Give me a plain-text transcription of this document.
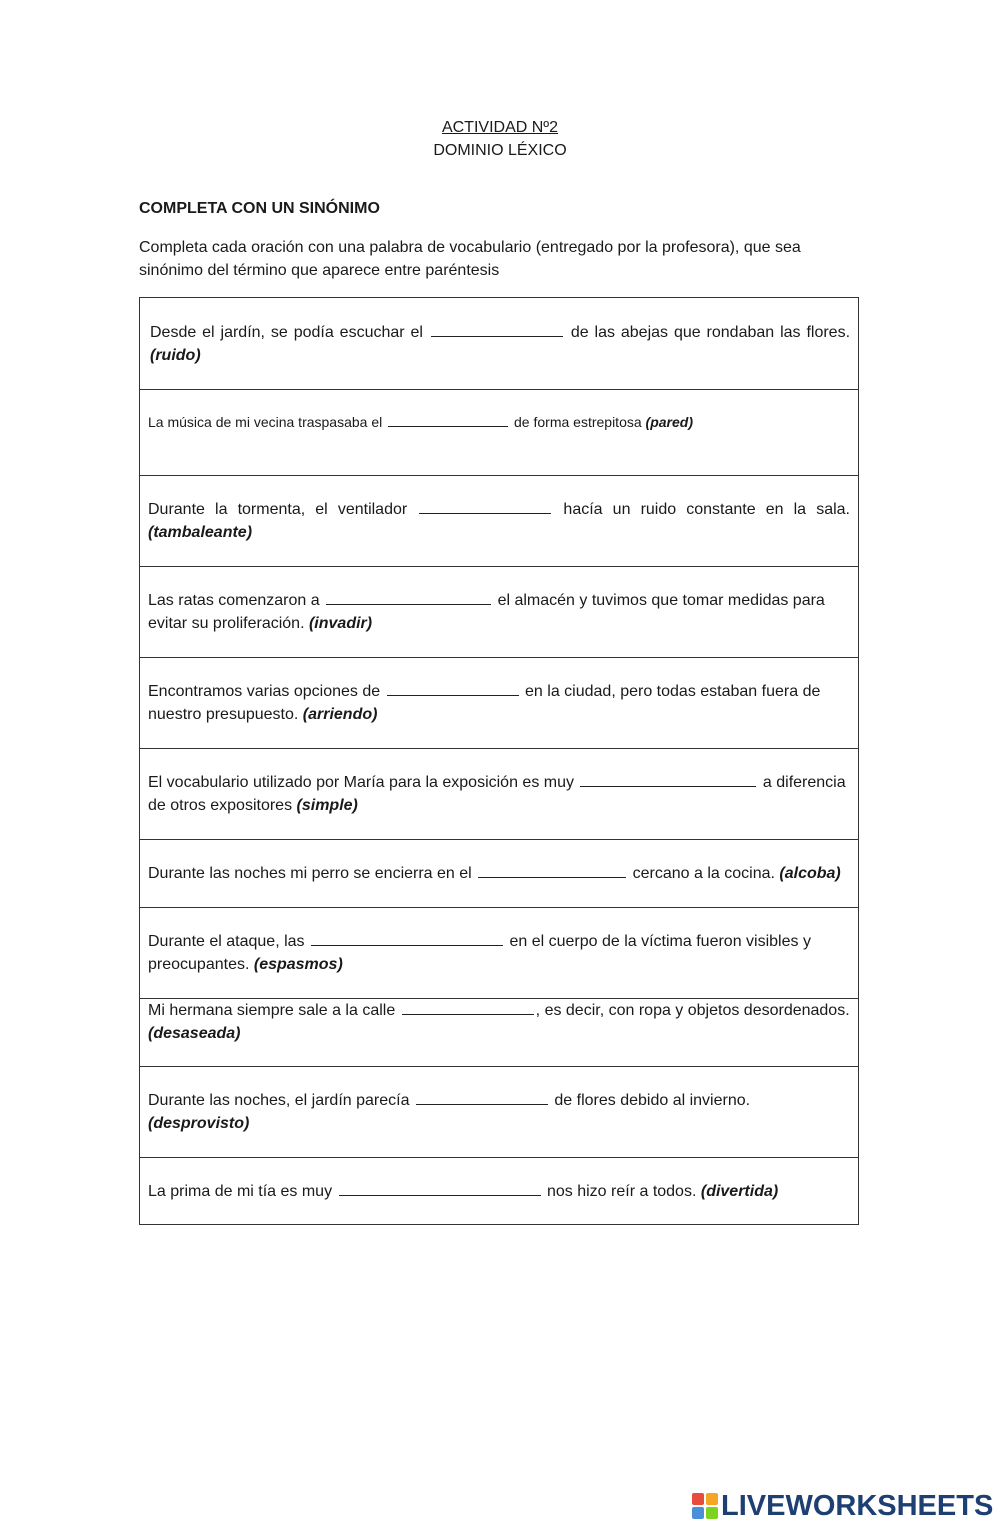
ACTIVIDAD Nº2
DOMINIO LÉXICO
COMPLETA CON UN SINÓNIMO
Completa cada oración con una palabra de vocabulario (entregado por la profesora), que sea sinónimo del término que aparece entre paréntesis
Desde el jardín, se podía escuchar el	de las abejas que rondaban las flores. (ruido)
La música de mi vecina traspasaba el	de forma estrepitosa (pared)
Durante la tormenta, el ventilador	hacía un ruido constante en la sala. (tambaleante)
Las ratas comenzaron a	el almacén y tuvimos que tomar medidas para evitar su proliferación. (invadir)
Encontramos varias opciones de	en la ciudad, pero todas estaban fuera de nuestro presupuesto. (arriendo)
El vocabulario utilizado por María para la exposición es muy	a diferencia de otros expositores (simple)
Durante las noches mi perro se encierra en el	cercano a la cocina. (alcoba)
Durante el ataque, las	en el cuerpo de la víctima fueron visibles y preocupantes. (espasmos)
Mi hermana siempre sale a la calle	, es decir, con ropa y objetos desordenados. (desaseada)
Durante las noches, el jardín parecía	de flores debido al invierno.
(desprovisto)
La prima de mi tía es muy	nos hizo reír a todos. (divertida)
LIVEWORKSHEETS
